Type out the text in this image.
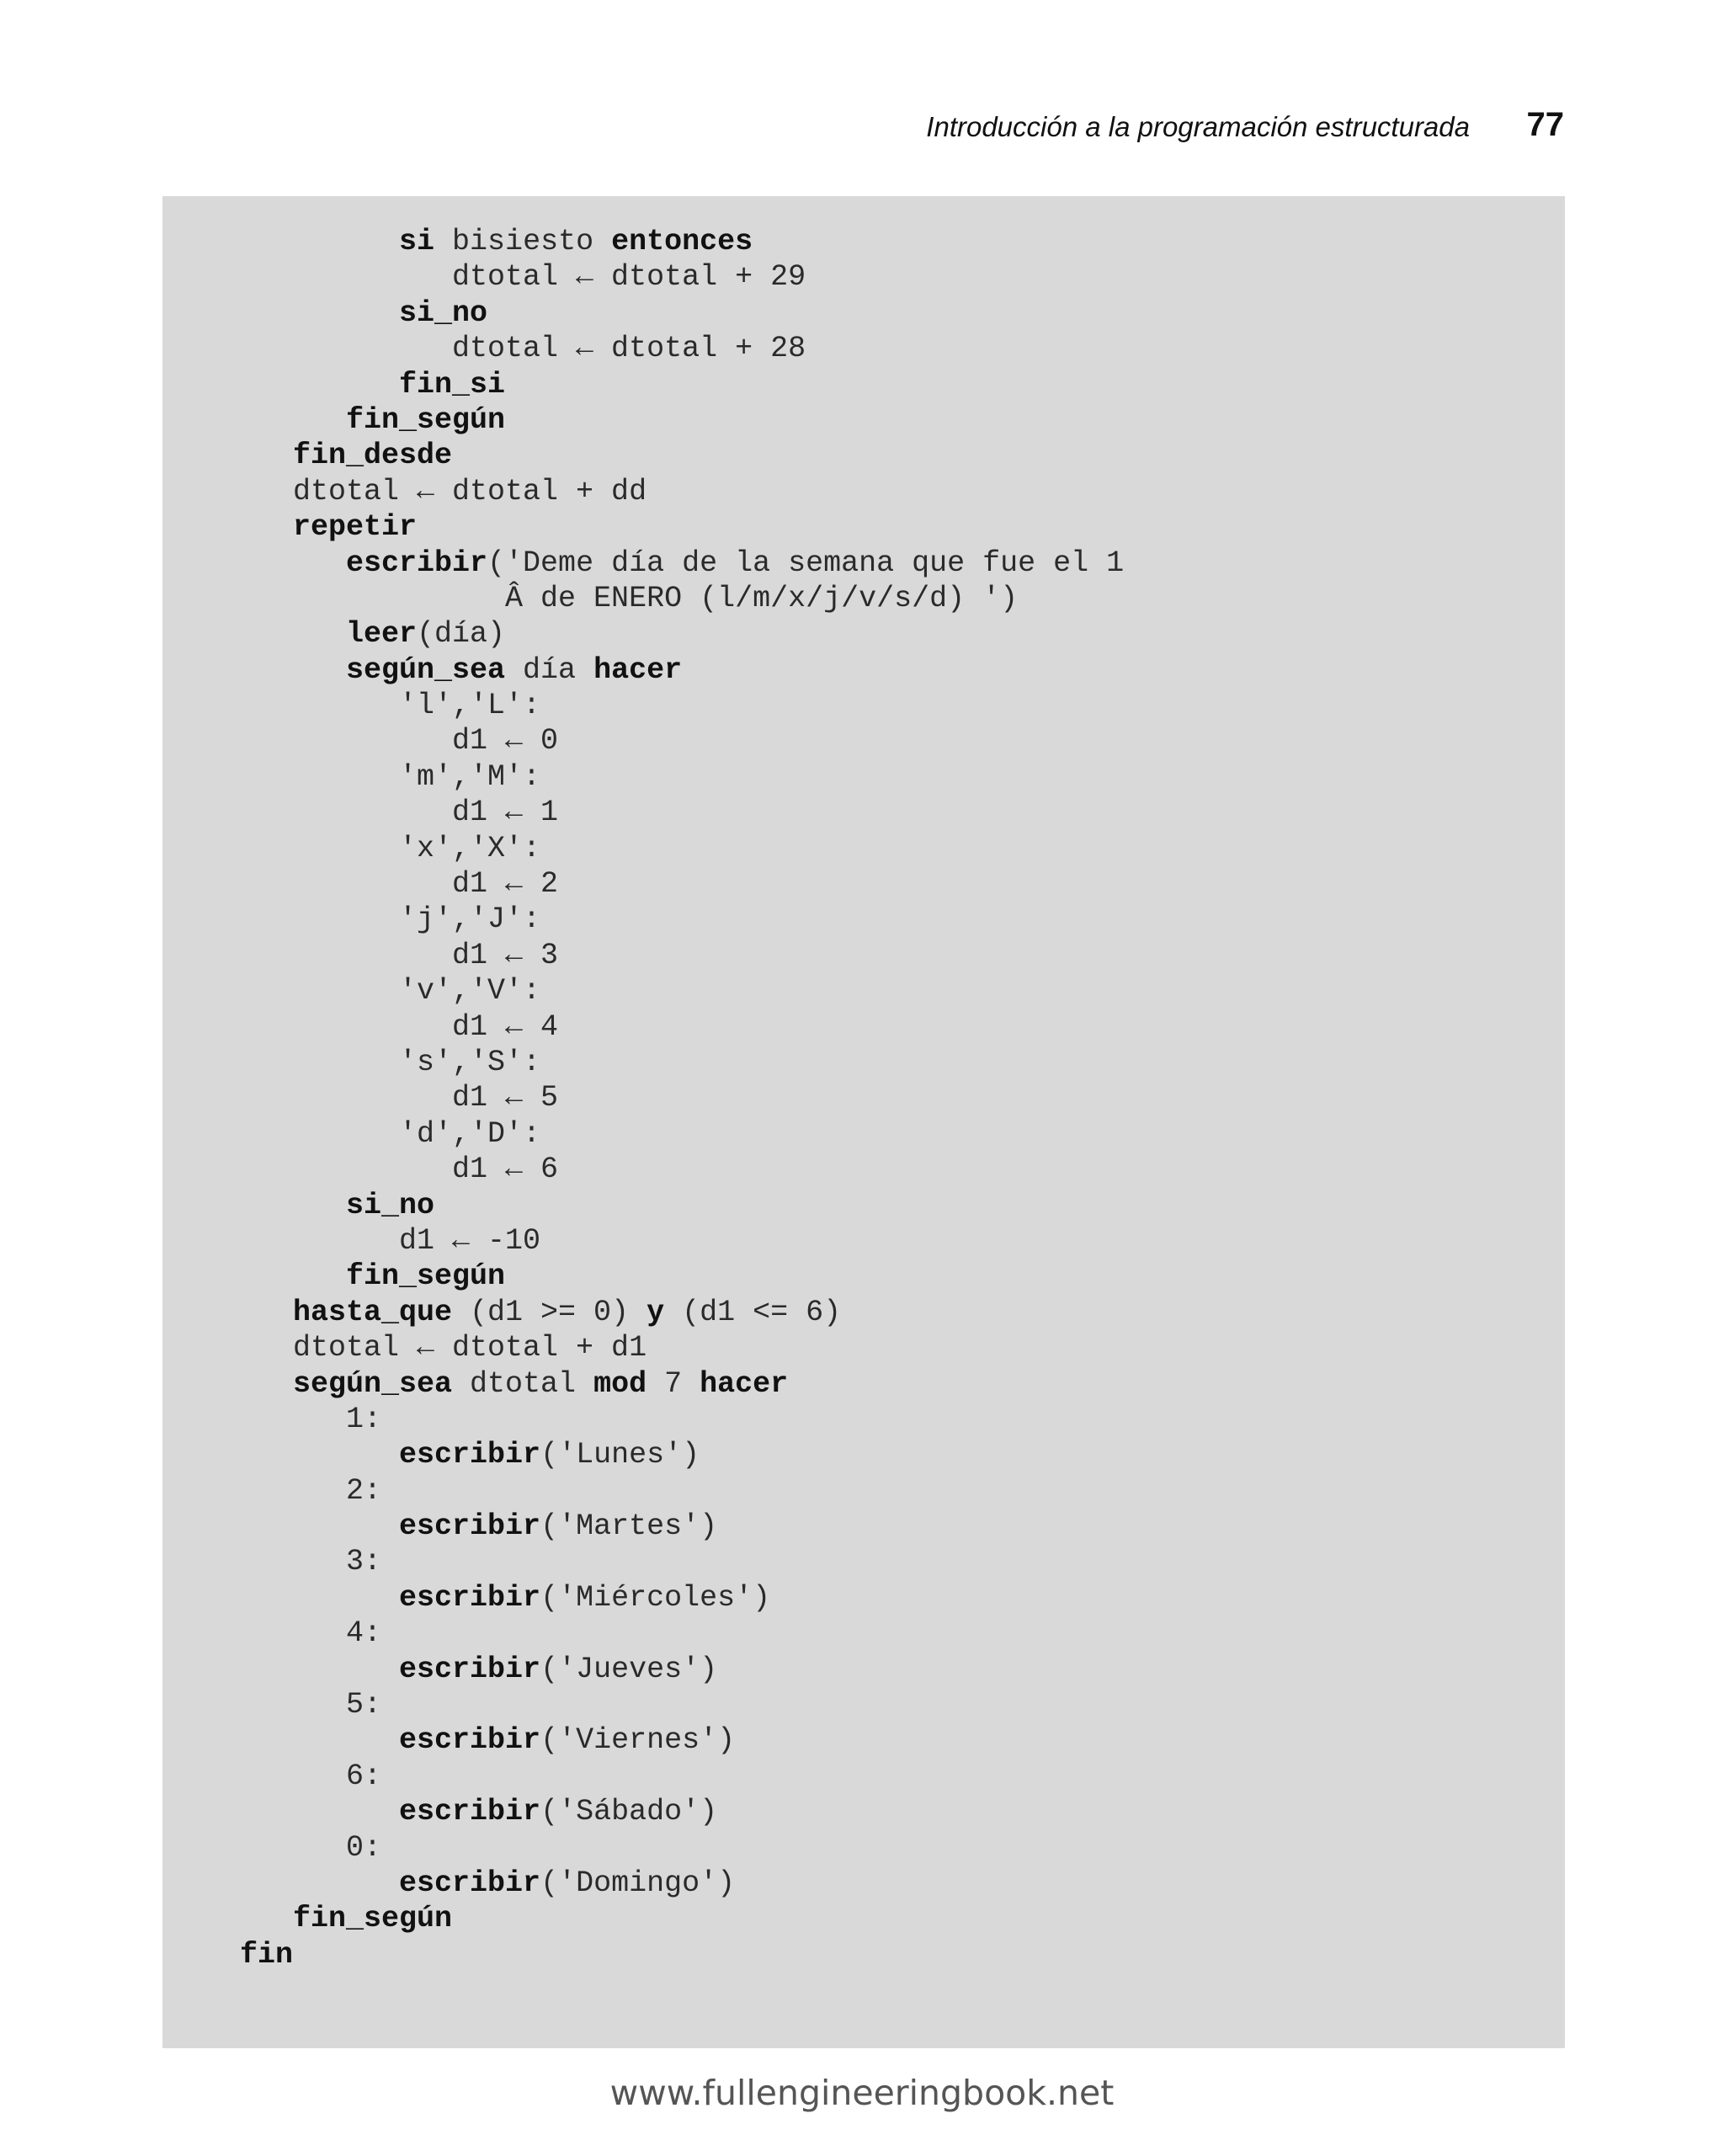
Introducción a la programación estructurada 77
si bisiesto entonces
dtotal ← dtotal + 29
si_no
dtotal ← dtotal + 28
fin_si
fin_según
fin_desde
dtotal ← dtotal + dd
repetir
escribir('Deme día de la semana que fue el 1
Â de ENERO (l/m/x/j/v/s/d) ')
leer(día)
según_sea día hacer
'l','L':
d1 ← 0
'm','M':
d1 ← 1
'x','X':
d1 ← 2
'j','J':
d1 ← 3
'v','V':
d1 ← 4
's','S':
d1 ← 5
'd','D':
d1 ← 6
si_no
d1 ← -10
fin_según
hasta_que (d1 >= 0) y (d1 <= 6)
dtotal ← dtotal + d1
según_sea dtotal mod 7 hacer
1:
escribir('Lunes')
2:
escribir('Martes')
3:
escribir('Miércoles')
4:
escribir('Jueves')
5:
escribir('Viernes')
6:
escribir('Sábado')
0:
escribir('Domingo')
fin_según
fin
www.fullengineeringbook.net
